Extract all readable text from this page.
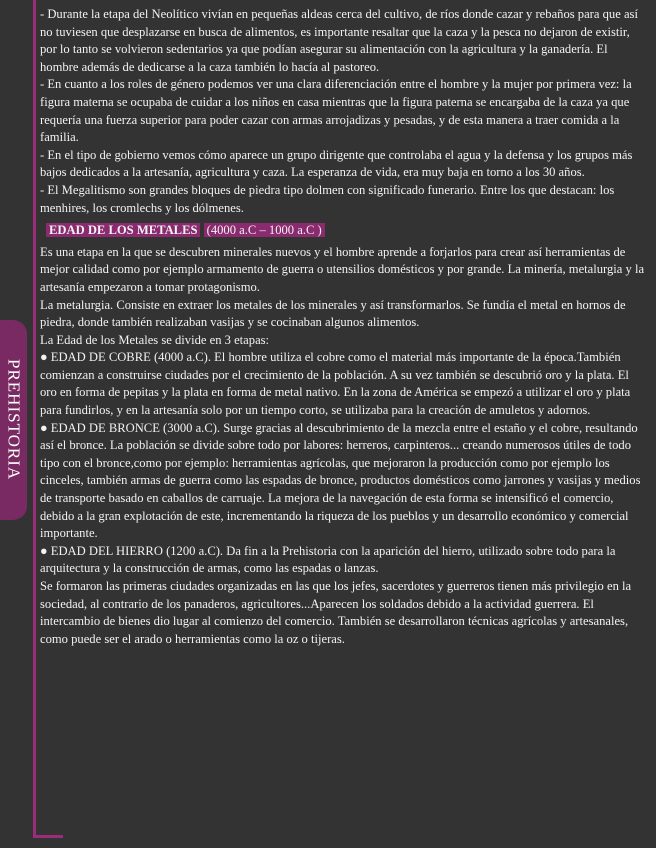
PREHISTORIA

- Durante la etapa del Neolítico vivían en pequeñas aldeas cerca del cultivo, de ríos donde cazar y rebaños para que así no tuviesen que desplazarse en busca de alimentos, es importante resaltar que la caza y la pesca no dejaron de existir, por lo tanto se volvieron sedentarios ya que podían asegurar su alimentación con la agricultura y la ganadería. El hombre además de dedicarse a la caza también lo hacía al pastoreo.

- En cuanto a los roles de género podemos ver una clara diferenciación entre el hombre y la mujer por primera vez: la figura materna se ocupaba de cuidar a los niños en casa mientras que la figura paterna se encargaba de la caza ya que requería una fuerza superior para poder cazar con armas arrojadizas y pesadas, y de esta manera a traer comida a la familia.

- En el tipo de gobierno vemos cómo aparece un grupo dirigente que controlaba el agua y la defensa y los grupos más bajos dedicados a la artesanía, agricultura y caza. La esperanza de vida, era muy baja en torno a los 30 años.

- El Megalitismo son grandes bloques de piedra tipo dolmen con significado funerario. Entre los que destacan: los menhires, los cromlechs y los dólmenes.

EDAD DE LOS METALES (4000 a.C – 1000 a.C )

Es una etapa en la que se descubren minerales nuevos y el hombre aprende a forjarlos para crear así herramientas de mejor calidad como por ejemplo armamento de guerra o utensilios domésticos y por grande. La minería, metalurgia y la artesanía empezaron a tomar protagonismo.

La metalurgia. Consiste en extraer los metales de los minerales y así transformarlos. Se fundía el metal en hornos de piedra, donde también realizaban vasijas y se cocinaban algunos alimentos.

La Edad de los Metales se divide en 3 etapas:

● EDAD DE COBRE (4000 a.C). El hombre utiliza el cobre como el material más importante de la época.También comienzan a construirse ciudades por el crecimiento de la población. A su vez también se descubrió oro y la plata. El oro en forma de pepitas y la plata en forma de metal nativo. En la zona de América se empezó a utilizar el oro y plata para fundirlos, y en la artesanía solo por un tiempo corto, se utilizaba para la creación de amuletos y adornos.

● EDAD DE BRONCE (3000 a.C). Surge gracias al descubrimiento de la mezcla entre el estaño y el cobre, resultando así el bronce. La población se divide sobre todo por labores: herreros, carpinteros... creando numerosos útiles de todo tipo con el bronce,como por ejemplo: herramientas agrícolas, que mejoraron la producción como por ejemplo los cinceles, también armas de guerra como las espadas de bronce, productos domésticos como jarrones y vasijas y medios de transporte basado en caballos de carruaje. La mejora de la navegación de esta forma se intensificó el comercio, debido a la gran explotación de este, incrementando la riqueza de los pueblos y un desarrollo económico y comercial importante.

● EDAD DEL HIERRO (1200 a.C). Da fin a la Prehistoria con la aparición del hierro, utilizado sobre todo para la arquitectura y la construcción de armas, como las espadas o lanzas.

Se formaron las primeras ciudades organizadas en las que los jefes, sacerdotes y guerreros tienen más privilegio en la sociedad, al contrario de los panaderos, agricultores...Aparecen los soldados debido a la actividad guerrera. El intercambio de bienes dio lugar al comienzo del comercio. También se desarrollaron técnicas agrícolas y artesanales, como puede ser el arado o herramientas como la oz o tijeras.
